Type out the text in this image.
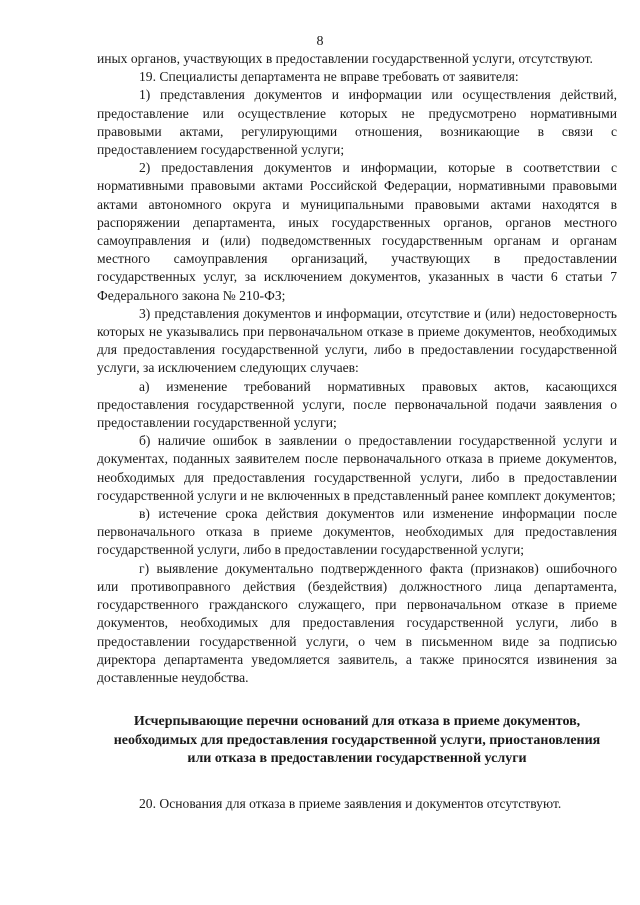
8

иных органов, участвующих в предоставлении государственной услуги, отсутствуют.

19. Специалисты департамента не вправе требовать от заявителя:

1) представления документов и информации или осуществления действий, предоставление или осуществление которых не предусмотрено нормативными правовыми актами, регулирующими отношения, возникающие в связи с предоставлением государственной услуги;

2) предоставления документов и информации, которые в соответствии с нормативными правовыми актами Российской Федерации, нормативными правовыми актами автономного округа и муниципальными правовыми актами находятся в распоряжении департамента, иных государственных органов, органов местного самоуправления и (или) подведомственных государственным органам и органам местного самоуправления организаций, участвующих в предоставлении государственных услуг, за исключением документов, указанных в части 6 статьи 7 Федерального закона № 210-ФЗ;

3) представления документов и информации, отсутствие и (или) недостоверность которых не указывались при первоначальном отказе в приеме документов, необходимых для предоставления государственной услуги, либо в предоставлении государственной услуги, за исключением следующих случаев:

а) изменение требований нормативных правовых актов, касающихся предоставления государственной услуги, после первоначальной подачи заявления о предоставлении государственной услуги;

б) наличие ошибок в заявлении о предоставлении государственной услуги и документах, поданных заявителем после первоначального отказа в приеме документов, необходимых для предоставления государственной услуги, либо в предоставлении государственной услуги и не включенных в представленный ранее комплект документов;

в) истечение срока действия документов или изменение информации после первоначального отказа в приеме документов, необходимых для предоставления государственной услуги, либо в предоставлении государственной услуги;

г) выявление документально подтвержденного факта (признаков) ошибочного или противоправного действия (бездействия) должностного лица департамента, государственного гражданского служащего, при первоначальном отказе в приеме документов, необходимых для предоставления государственной услуги, либо в предоставлении государственной услуги, о чем в письменном виде за подписью директора департамента уведомляется заявитель, а также приносятся извинения за доставленные неудобства.

Исчерпывающие перечни оснований для отказа в приеме документов, необходимых для предоставления государственной услуги, приостановления или отказа в предоставлении государственной услуги

20. Основания для отказа в приеме заявления и документов отсутствуют.
